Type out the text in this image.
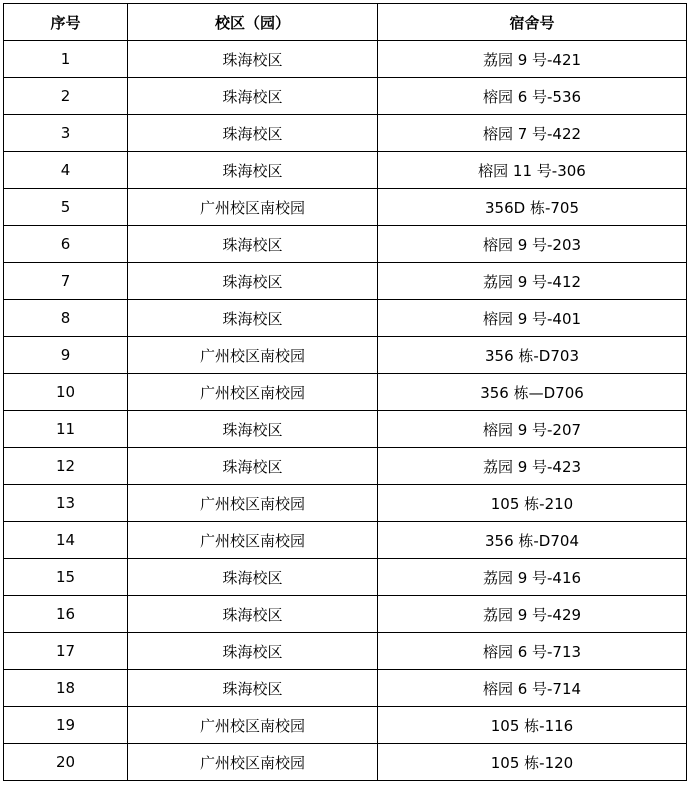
序号	校区（园）	宿舍号
1	珠海校区	荔园 9 号-421
2	珠海校区	榕园 6 号-536
3	珠海校区	榕园 7 号-422
4	珠海校区	榕园 11 号-306
5	广州校区南校园	356D 栋-705
6	珠海校区	榕园 9 号-203
7	珠海校区	荔园 9 号-412
8	珠海校区	榕园 9 号-401
9	广州校区南校园	356 栋-D703
10	广州校区南校园	356 栋—D706
11	珠海校区	榕园 9 号-207
12	珠海校区	荔园 9 号-423
13	广州校区南校园	105 栋-210
14	广州校区南校园	356 栋-D704
15	珠海校区	荔园 9 号-416
16	珠海校区	荔园 9 号-429
17	珠海校区	榕园 6 号-713
18	珠海校区	榕园 6 号-714
19	广州校区南校园	105 栋-116
20	广州校区南校园	105 栋-120
